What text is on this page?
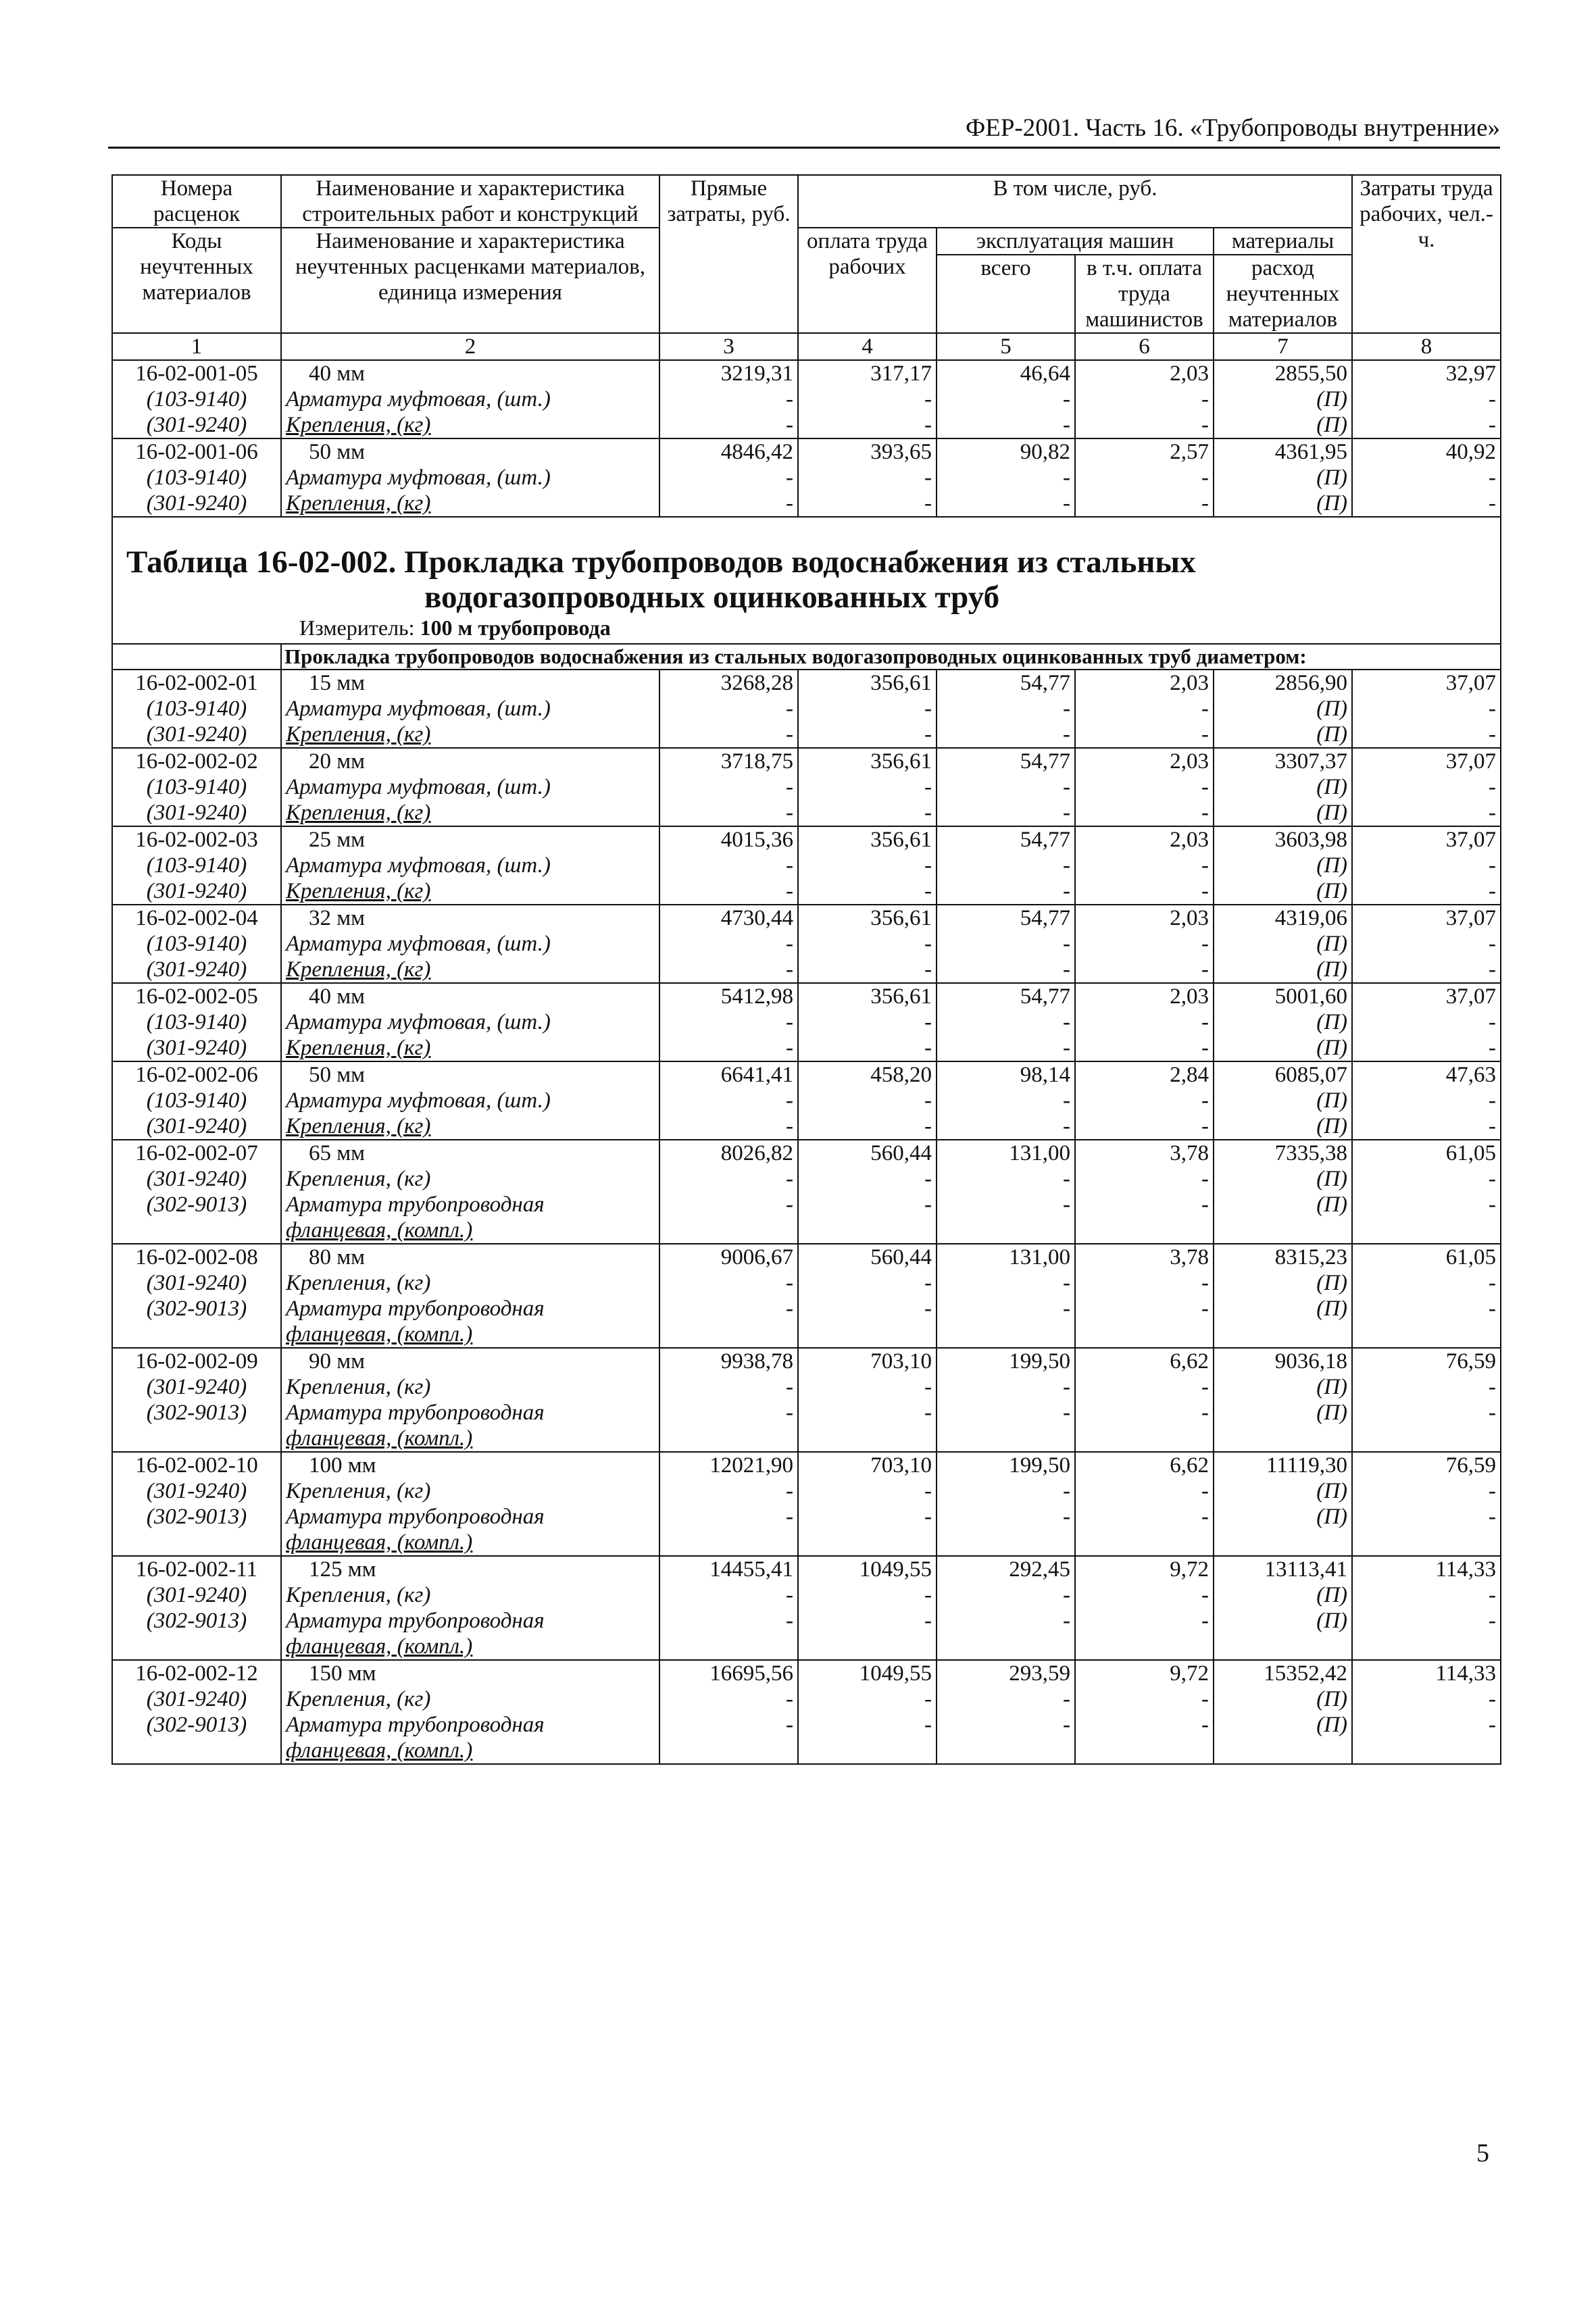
ФЕР-2001. Часть 16. «Трубопроводы внутренние»
Номера расценок	Наименование и характеристика строительных работ и конструкций	Прямые затраты, руб.	В том числе, руб.				Затраты труда рабочих, чел.-ч.
Коды неучтенных материалов	Наименование и характеристика неучтенных расценками материалов, единица измерения		оплата труда рабочих	эксплуатация машин		материалы	
				всего	в т.ч. оплата труда машинистов	расход неучтенных материалов	
1	2	3	4	5	6	7	8
16-02-001-05	40 мм	3219,31	317,17	46,64	2,03	2855,50	32,97
(103-9140)	Арматура муфтовая, (шт.)	-	-	-	-	(П)	-
(301-9240)	Крепления, (кг)	-	-	-	-	(П)	-
16-02-001-06	50 мм	4846,42	393,65	90,82	2,57	4361,95	40,92
(103-9140)	Арматура муфтовая, (шт.)	-	-	-	-	(П)	-
(301-9240)	Крепления, (кг)	-	-	-	-	(П)	-

Таблица 16-02-002. Прокладка трубопроводов водоснабжения из стальных
водогазопроводных оцинкованных труб
Измеритель: 100 м трубопровода							

	Прокладка трубопроводов водоснабжения из стальных водогазопроводных оцинкованных труб диаметром:						
16-02-002-01	15 мм	3268,28	356,61	54,77	2,03	2856,90	37,07
(103-9140)	Арматура муфтовая, (шт.)	-	-	-	-	(П)	-
(301-9240)	Крепления, (кг)	-	-	-	-	(П)	-
16-02-002-02	20 мм	3718,75	356,61	54,77	2,03	3307,37	37,07
(103-9140)	Арматура муфтовая, (шт.)	-	-	-	-	(П)	-
(301-9240)	Крепления, (кг)	-	-	-	-	(П)	-
16-02-002-03	25 мм	4015,36	356,61	54,77	2,03	3603,98	37,07
(103-9140)	Арматура муфтовая, (шт.)	-	-	-	-	(П)	-
(301-9240)	Крепления, (кг)	-	-	-	-	(П)	-
16-02-002-04	32 мм	4730,44	356,61	54,77	2,03	4319,06	37,07
(103-9140)	Арматура муфтовая, (шт.)	-	-	-	-	(П)	-
(301-9240)	Крепления, (кг)	-	-	-	-	(П)	-
16-02-002-05	40 мм	5412,98	356,61	54,77	2,03	5001,60	37,07
(103-9140)	Арматура муфтовая, (шт.)	-	-	-	-	(П)	-
(301-9240)	Крепления, (кг)	-	-	-	-	(П)	-
16-02-002-06	50 мм	6641,41	458,20	98,14	2,84	6085,07	47,63
(103-9140)	Арматура муфтовая, (шт.)	-	-	-	-	(П)	-
(301-9240)	Крепления, (кг)	-	-	-	-	(П)	-
16-02-002-07	65 мм	8026,82	560,44	131,00	3,78	7335,38	61,05
(301-9240)	Крепления, (кг)	-	-	-	-	(П)	-
(302-9013)	Арматура трубопроводная	-	-	-	-	(П)	-
	фланцевая, (компл.)						
16-02-002-08	80 мм	9006,67	560,44	131,00	3,78	8315,23	61,05
(301-9240)	Крепления, (кг)	-	-	-	-	(П)	-
(302-9013)	Арматура трубопроводная	-	-	-	-	(П)	-
	фланцевая, (компл.)						
16-02-002-09	90 мм	9938,78	703,10	199,50	6,62	9036,18	76,59
(301-9240)	Крепления, (кг)	-	-	-	-	(П)	-
(302-9013)	Арматура трубопроводная	-	-	-	-	(П)	-
	фланцевая, (компл.)						
16-02-002-10	100 мм	12021,90	703,10	199,50	6,62	11119,30	76,59
(301-9240)	Крепления, (кг)	-	-	-	-	(П)	-
(302-9013)	Арматура трубопроводная	-	-	-	-	(П)	-
	фланцевая, (компл.)						
16-02-002-11	125 мм	14455,41	1049,55	292,45	9,72	13113,41	114,33
(301-9240)	Крепления, (кг)	-	-	-	-	(П)	-
(302-9013)	Арматура трубопроводная	-	-	-	-	(П)	-
	фланцевая, (компл.)						
16-02-002-12	150 мм	16695,56	1049,55	293,59	9,72	15352,42	114,33
(301-9240)	Крепления, (кг)	-	-	-	-	(П)	-
(302-9013)	Арматура трубопроводная	-	-	-	-	(П)	-
	фланцевая, (компл.)						
5
